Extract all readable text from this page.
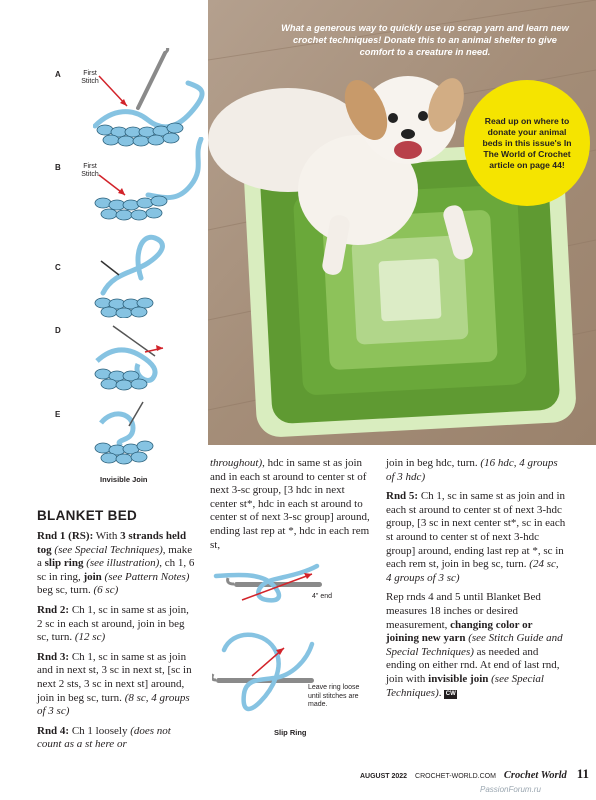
A	First Stitch
B	First Stitch
C
D
E
Invisible Join
What a generous way to quickly use up scrap yarn and learn new crochet techniques! Donate this to an animal shelter to give comfort to a creature in need.
Read up on where to donate your animal beds in this issue's In The World of Crochet article on page 44!
BLANKET BED

Rnd 1 (RS): With 3 strands held tog (see Special Techniques), make a slip ring (see illustration), ch 1, 6 sc in ring, join (see Pattern Notes) beg sc, turn. (6 sc)

Rnd 2: Ch 1, sc in same st as join, 2 sc in each st around, join in beg sc, turn. (12 sc)

Rnd 3: Ch 1, sc in same st as join and in next st, 3 sc in next st, [sc in next 2 sts, 3 sc in next st] around, join in beg sc, turn. (8 sc, 4 groups of 3 sc)

Rnd 4: Ch 1 loosely (does not count as a st here or

throughout), hdc in same st as join and in each st around to center st of next 3-sc group, [3 hdc in next center st*, hdc in each st around to center st of next 3-sc group] around, ending last rep at *, hdc in each rem st,

4" end
Leave ring loose until stitches are made.
Slip Ring

join in beg hdc, turn. (16 hdc, 4 groups of 3 hdc)

Rnd 5: Ch 1, sc in same st as join and in each st around to center st of next 3-hdc group, [3 sc in next center st*, sc in each st around to center st of next 3-hdc group] around, ending last rep at *, sc in each rem st, join in beg sc, turn. (24 sc, 4 groups of 3 sc)

Rep rnds 4 and 5 until Blanket Bed measures 18 inches or desired measurement, changing color or joining new yarn (see Stitch Guide and Special Techniques) as needed and ending on either rnd. At end of last rnd, join with invisible join (see Special Techniques). CW

AUGUST 2022 CROCHET-WORLD.COM Crochet World 11
PassionForum.ru
